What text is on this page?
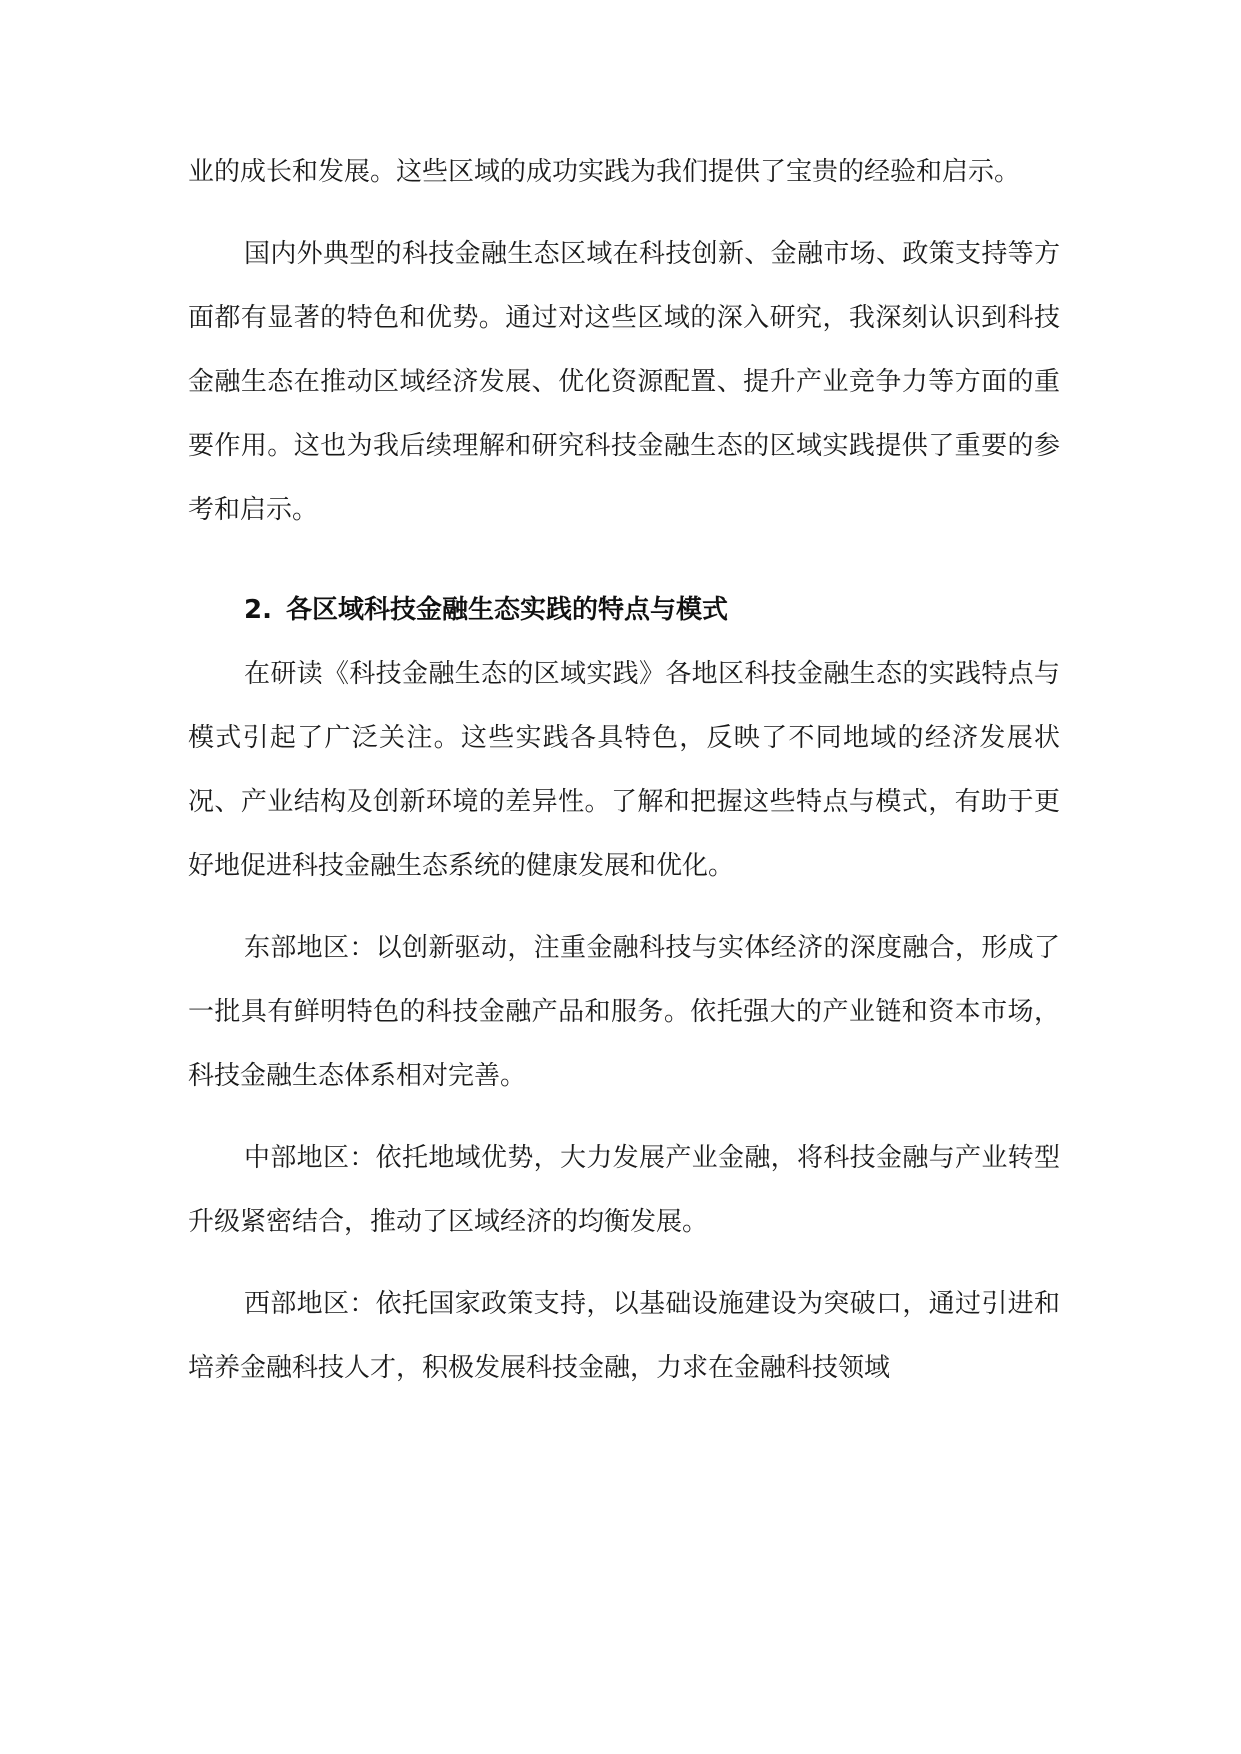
业的成长和发展。这些区域的成功实践为我们提供了宝贵的经验和启示。

国内外典型的科技金融生态区域在科技创新、金融市场、政策支持等方面都有显著的特色和优势。通过对这些区域的深入研究，我深刻认识到科技金融生态在推动区域经济发展、优化资源配置、提升产业竞争力等方面的重要作用。这也为我后续理解和研究科技金融生态的区域实践提供了重要的参考和启示。

2. 各区域科技金融生态实践的特点与模式

在研读《科技金融生态的区域实践》各地区科技金融生态的实践特点与模式引起了广泛关注。这些实践各具特色，反映了不同地域的经济发展状况、产业结构及创新环境的差异性。了解和把握这些特点与模式，有助于更好地促进科技金融生态系统的健康发展和优化。

东部地区：以创新驱动，注重金融科技与实体经济的深度融合，形成了一批具有鲜明特色的科技金融产品和服务。依托强大的产业链和资本市场，科技金融生态体系相对完善。

中部地区：依托地域优势，大力发展产业金融，将科技金融与产业转型升级紧密结合，推动了区域经济的均衡发展。

西部地区：依托国家政策支持，以基础设施建设为突破口，通过引进和培养金融科技人才，积极发展科技金融，力求在金融科技领域
